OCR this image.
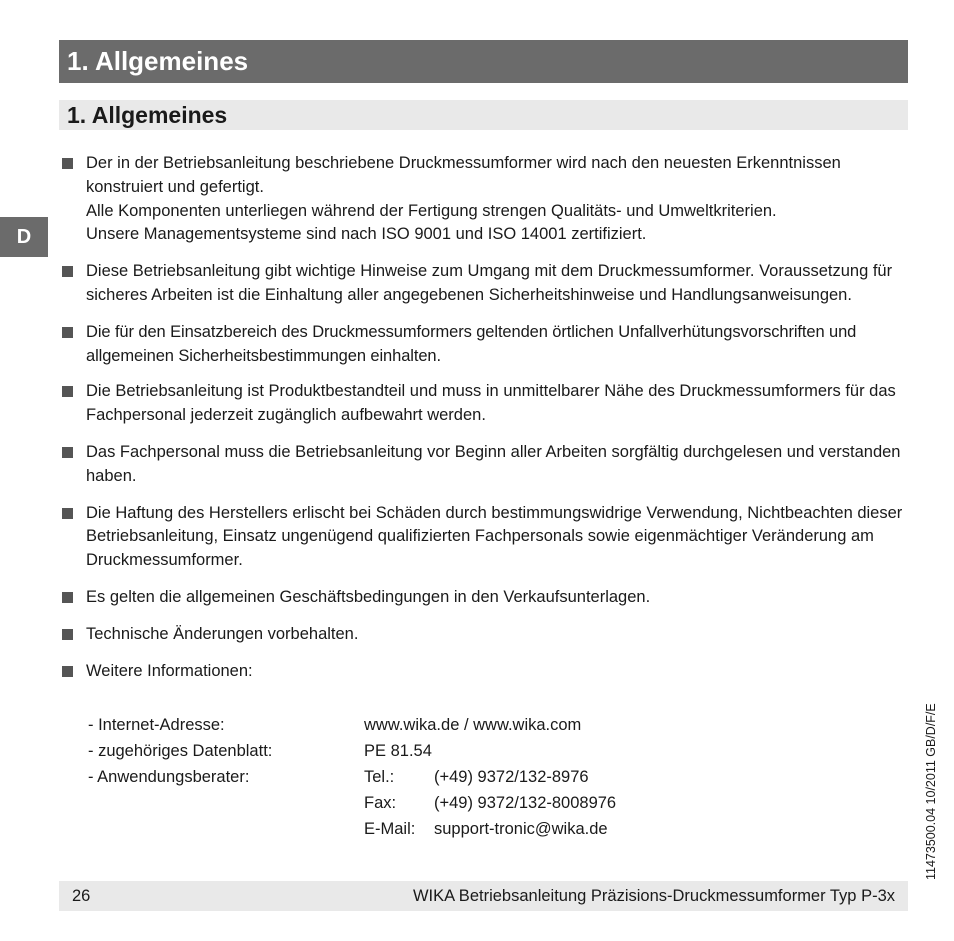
1. Allgemeines
1. Allgemeines
D

Der in der Betriebsanleitung beschriebene Druckmessumformer wird nach den neuesten Erkenntnissen konstruiert und gefertigt.

Alle Komponenten unterliegen während der Fertigung strengen Qualitäts- und Umweltkriterien.

Unsere Managementsysteme sind nach ISO 9001 und ISO 14001 zertifiziert.

Diese Betriebsanleitung gibt wichtige Hinweise zum Umgang mit dem Druckmessumformer. Voraussetzung für sicheres Arbeiten ist die Einhaltung aller angegebenen Sicherheitshinweise und Handlungsanweisungen.

Die für den Einsatzbereich des Druckmessumformers geltenden örtlichen Unfallverhütungsvorschriften und allgemeinen Sicherheitsbestimmungen einhalten.

Die Betriebsanleitung ist Produktbestandteil und muss in unmittelbarer Nähe des Druckmessumformers für das Fachpersonal jederzeit zugänglich aufbewahrt werden.

Das Fachpersonal muss die Betriebsanleitung vor Beginn aller Arbeiten sorgfältig durchgelesen und verstanden haben.

Die Haftung des Herstellers erlischt bei Schäden durch bestimmungswidrige Verwendung, Nichtbeachten dieser Betriebsanleitung, Einsatz ungenügend qualifizierten Fachpersonals sowie eigenmächtiger Veränderung am Druckmessumformer.

Es gelten die allgemeinen Geschäftsbedingungen in den Verkaufsunterlagen.

Technische Änderungen vorbehalten.

Weitere Informationen:

- Internet-Adresse:	www.wika.de / www.wika.com
- zugehöriges Datenblatt:	PE 81.54
- Anwendungsberater:	Tel.: (+49) 9372/132-8976
Fax: (+49) 9372/132-8008976
E-Mail: support-tronic@wika.de	11473500.04 10/2011 GB/D/F/E
26	WIKA Betriebsanleitung Präzisions-Druckmessumformer Typ P-3x
